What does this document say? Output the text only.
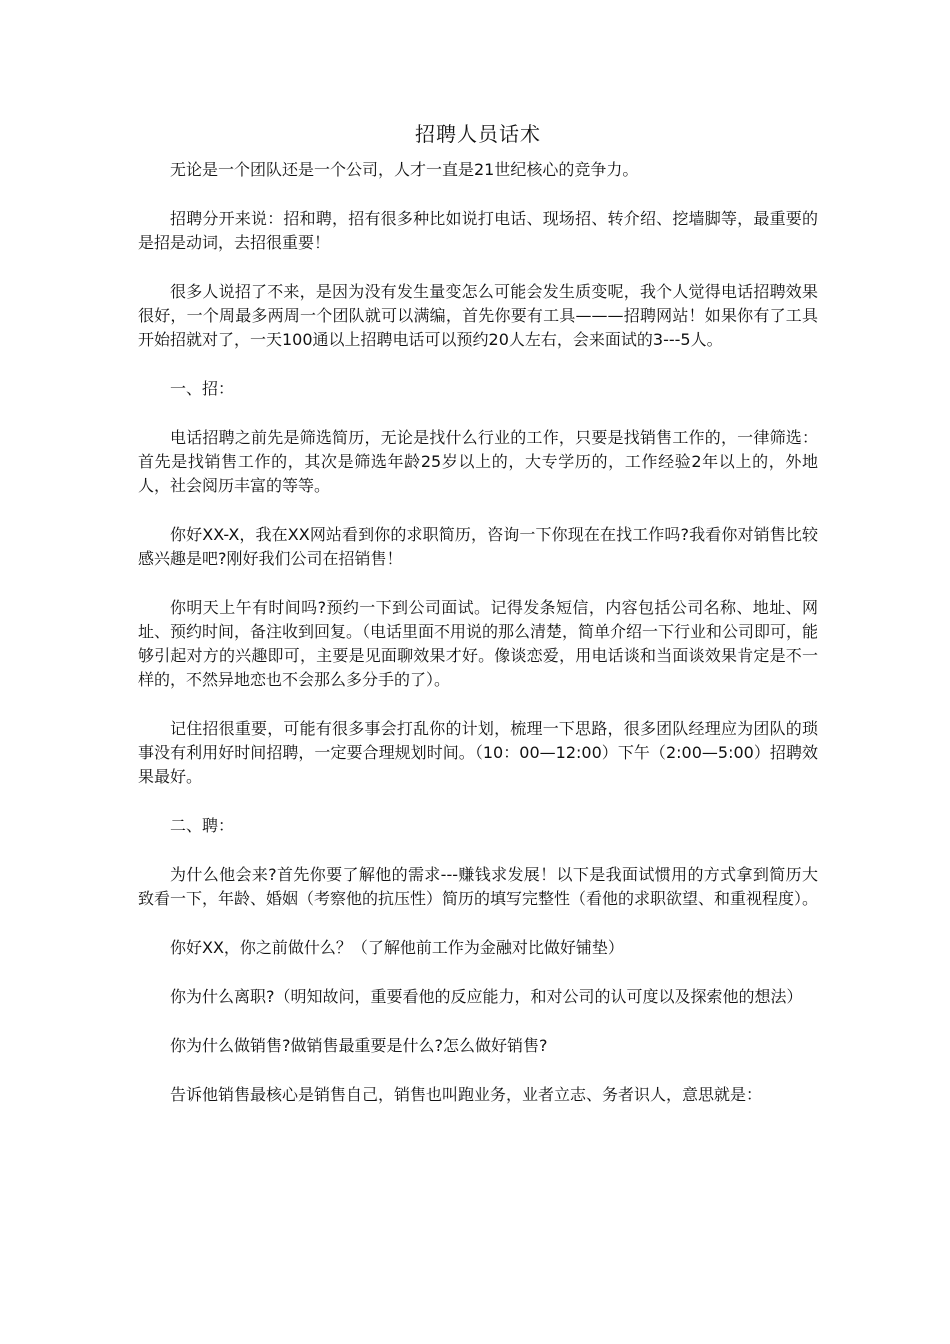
招聘人员话术

无论是一个团队还是一个公司，人才一直是21世纪核心的竞争力。

招聘分开来说：招和聘，招有很多种比如说打电话、现场招、转介绍、挖墙脚等，最重要的是招是动词，去招很重要！

很多人说招了不来，是因为没有发生量变怎么可能会发生质变呢，我个人觉得电话招聘效果很好，一个周最多两周一个团队就可以满编，首先你要有工具———招聘网站！如果你有了工具开始招就对了，一天100通以上招聘电话可以预约20人左右，会来面试的3---5人。

一、招：

电话招聘之前先是筛选简历，无论是找什么行业的工作，只要是找销售工作的，一律筛选：首先是找销售工作的，其次是筛选年龄25岁以上的，大专学历的，工作经验2年以上的，外地人，社会阅历丰富的等等。

你好XX-X，我在XX网站看到你的求职简历，咨询一下你现在在找工作吗?我看你对销售比较感兴趣是吧?刚好我们公司在招销售！

你明天上午有时间吗?预约一下到公司面试。记得发条短信，内容包括公司名称、地址、网址、预约时间，备注收到回复。（电话里面不用说的那么清楚，简单介绍一下行业和公司即可，能够引起对方的兴趣即可，主要是见面聊效果才好。像谈恋爱，用电话谈和当面谈效果肯定是不一样的，不然异地恋也不会那么多分手的了）。

记住招很重要，可能有很多事会打乱你的计划，梳理一下思路，很多团队经理应为团队的琐事没有利用好时间招聘，一定要合理规划时间。（10：00—12:00）下午（2:00—5:00）招聘效果最好。

二、聘：

为什么他会来?首先你要了解他的需求---赚钱求发展！以下是我面试惯用的方式拿到简历大致看一下，年龄、婚姻（考察他的抗压性）简历的填写完整性（看他的求职欲望、和重视程度）。

你好XX，你之前做什么？（了解他前工作为金融对比做好铺垫）

你为什么离职?（明知故问，重要看他的反应能力，和对公司的认可度以及探索他的想法）

你为什么做销售?做销售最重要是什么?怎么做好销售?

告诉他销售最核心是销售自己，销售也叫跑业务，业者立志、务者识人，意思就是：
